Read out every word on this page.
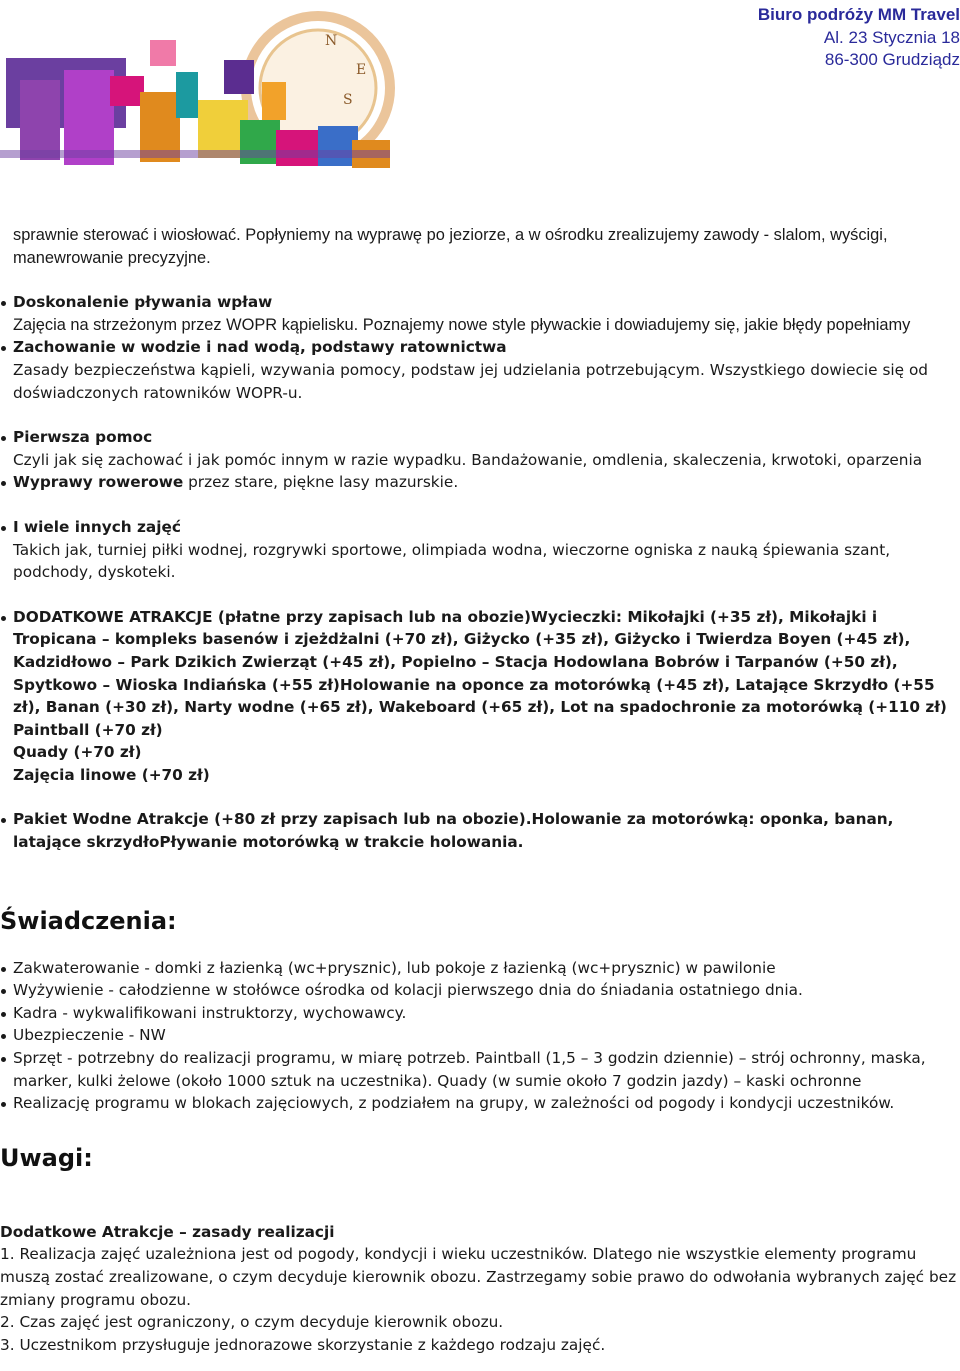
N
E
S
Biuro podróży MM Travel
Al. 23 Stycznia 18
86-300 Grudziądz

sprawnie sterować i wiosłować. Popłyniemy na wyprawę po jeziorze, a w ośrodku zrealizujemy zawody - slalom, wyścigi, manewrowanie precyzyjne.

Doskonalenie pływania wpław
Zajęcia na strzeżonym przez WOPR kąpielisku. Poznajemy nowe style pływackie i dowiadujemy się, jakie błędy popełniamy
Zachowanie w wodzie i nad wodą, podstawy ratownictwa
Zasady bezpieczeństwa kąpieli, wzywania pomocy, podstaw jej udzielania potrzebującym. Wszystkiego dowiecie się od doświadczonych ratowników WOPR-u.
Pierwsza pomoc
Czyli jak się zachować i jak pomóc innym w razie wypadku. Bandażowanie, omdlenia, skaleczenia, krwotoki, oparzenia
Wyprawy rowerowe przez stare, piękne lasy mazurskie.
I wiele innych zajęć
Takich jak, turniej piłki wodnej, rozgrywki sportowe, olimpiada wodna, wieczorne ogniska z nauką śpiewania szant, podchody, dyskoteki.
DODATKOWE ATRAKCJE (płatne przy zapisach lub na obozie)Wycieczki: Mikołajki (+35 zł), Mikołajki i Tropicana – kompleks basenów i zjeżdżalni (+70 zł), Giżycko (+35 zł), Giżycko i Twierdza Boyen (+45 zł), Kadzidłowo – Park Dzikich Zwierząt (+45 zł), Popielno – Stacja Hodowlana Bobrów i Tarpanów (+50 zł), Spytkowo – Wioska Indiańska (+55 zł)Holowanie na oponce za motorówką (+45 zł), Latające Skrzydło (+55 zł), Banan (+30 zł), Narty wodne (+65 zł), Wakeboard (+65 zł), Lot na spadochronie za motorówką (+110 zł)
Paintball (+70 zł)
Quady (+70 zł)
Zajęcia linowe (+70 zł)
Pakiet Wodne Atrakcje (+80 zł przy zapisach lub na obozie).Holowanie za motorówką: oponka, banan, latające skrzydłoPływanie motorówką w trakcie holowania.
Świadczenia:
Zakwaterowanie - domki z łazienką (wc+prysznic), lub pokoje z łazienką (wc+prysznic) w pawilonie
Wyżywienie - całodzienne w stołówce ośrodka od kolacji pierwszego dnia do śniadania ostatniego dnia.
Kadra - wykwalifikowani instruktorzy, wychowawcy.
Ubezpieczenie - NW
Sprzęt - potrzebny do realizacji programu, w miarę potrzeb. Paintball (1,5 – 3 godzin dziennie) – strój ochronny, maska, marker, kulki żelowe (około 1000 sztuk na uczestnika). Quady (w sumie około 7 godzin jazdy) – kaski ochronne
Realizację programu w blokach zajęciowych, z podziałem na grupy, w zależności od pogody i kondycji uczestników.
Uwagi:
Dodatkowe Atrakcje – zasady realizacji
1. Realizacja zajęć uzależniona jest od pogody, kondycji i wieku uczestników. Dlatego nie wszystkie elementy programu muszą zostać zrealizowane, o czym decyduje kierownik obozu. Zastrzegamy sobie prawo do odwołania wybranych zajęć bez zmiany programu obozu.
2. Czas zajęć jest ograniczony, o czym decyduje kierownik obozu.
3. Uczestnikom przysługuje jednorazowe skorzystanie z każdego rodzaju zajęć.
